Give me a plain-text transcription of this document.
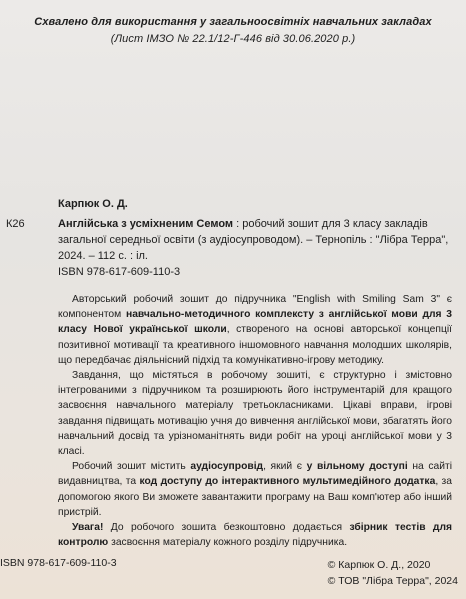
Схвалено для використання у загальноосвітніх навчальних закладах
(Лист ІМЗО № 22.1/12-Г-446 від 30.06.2020 р.)
Карпюк О. Д.
К26	Англійська з усміхненим Семом : робочий зошит для 3 класу закладів загальної середньої освіти (з аудіосупроводом). – Тернопіль : "Лібра Терра", 2024. – 112 с. : іл.
ISBN 978-617-609-110-3

Авторський робочий зошит до підручника "English with Smiling Sam 3" є компонентом навчально-методичного комплексту з англійської мови для 3 класу Нової української школи, створеного на основі авторської концепції позитивної мотивації та креативного іншомовного навчання молодших школярів, що передбачає діяльнісний підхід та комунікативно-ігрову методику.

Завдання, що містяться в робочому зошиті, є структурно і змістовно інтегрованими з підручником та розширюють його інструментарій для кращого засвоєння навчального матеріалу третьокласниками. Цікаві вправи, ігрові завдання підвищать мотивацію учня до вивчення англійської мови, збагатять його навчальний досвід та урізноманітнять види робіт на уроці англійської мови у 3 класі.

Робочий зошит містить аудіосупровід, який є у вільному доступі на сайті видавництва, та код доступу до інтерактивного мультимедійного додатка, за допомогою якого Ви зможете завантажити програму на Ваш комп'ютер або інший пристрій.

Увага! До робочого зошита безкоштовно додається збірник тестів для контролю засвоєння матеріалу кожного розділу підручника.

ISBN 978-617-609-110-3	© Карпюк О. Д., 2020
© ТОВ "Лібра Терра", 2024
